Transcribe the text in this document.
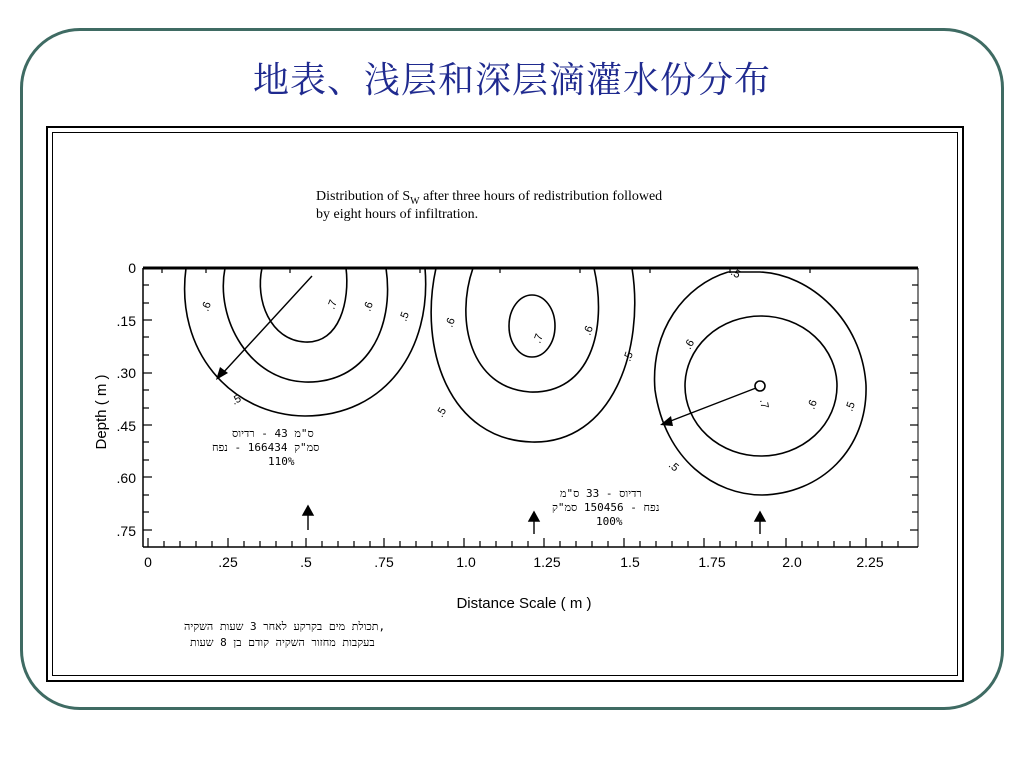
地表、浅层和深层滴灌水份分布
Distribution of $S_W$ after three hours of redistribution followed
by eight hours of infiltration.
0
.15
.30
.45
.60
.75
0	.25	.5	.75	1.0	1.25	1.5	1.75	2.0	2.25
Depth ( m )
Distance Scale ( m )
.6	.7 .6
.5
.5
.6
.7
.6
.5
.5
.5
.6
.7	.6 .5
.5
ס"מ 43 - רדיוס
סמ"ק 166434 - נפח
110%
רדיוס - 33 ס"מ
נפח - 150456 סמ"ק
100%
תכולת מים בקרקע לאחר 3 שעות השקיה,
בעקבות מחזור השקיה קודם בן 8 שעות
